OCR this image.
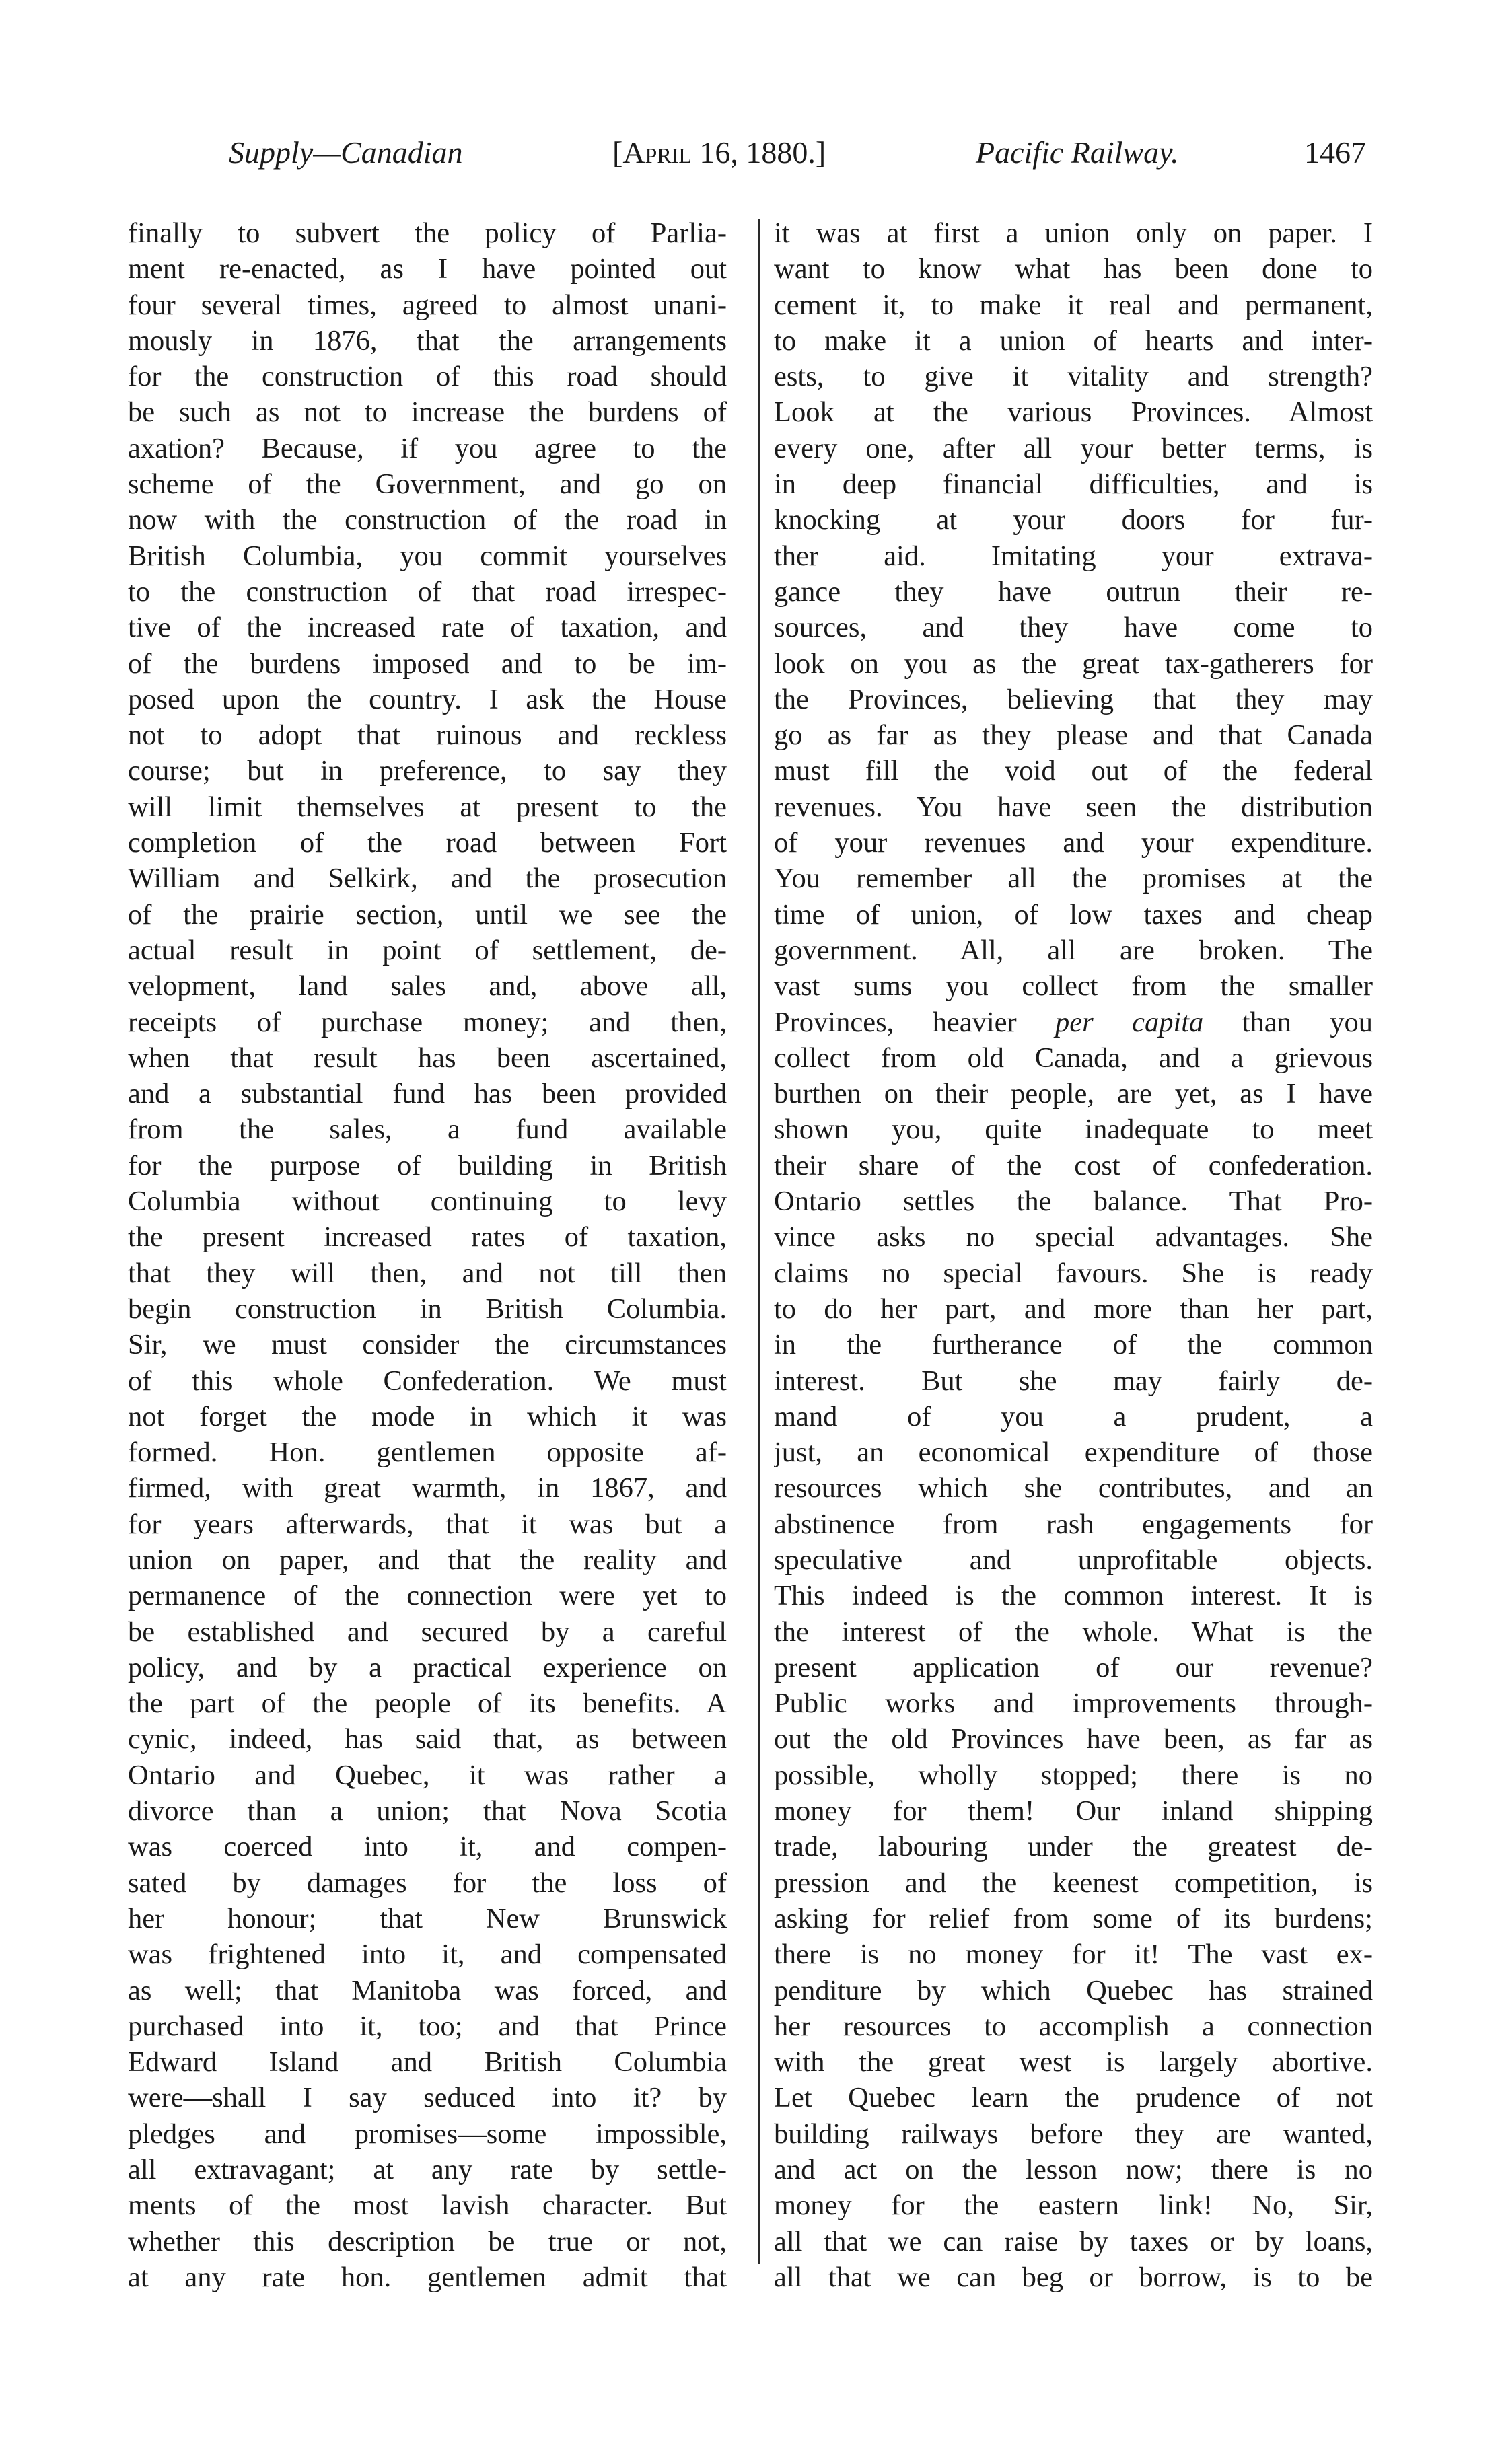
Supply—Canadian	[April 16, 1880.]	Pacific Railway.	1467
finally to subvert the policy of Parlia-
ment re-enacted, as I have pointed out
four several times, agreed to almost unani-
mously in 1876, that the arrangements
for the construction of this road should
be such as not to increase the burdens of
axation? Because, if you agree to the
scheme of the Government, and go on
now with the construction of the road in
British Columbia, you commit yourselves
to the construction of that road irrespec-
tive of the increased rate of taxation, and
of the burdens imposed and to be im-
posed upon the country. I ask the House
not to adopt that ruinous and reckless
course; but in preference, to say they
will limit themselves at present to the
completion of the road between Fort
William and Selkirk, and the prosecution
of the prairie section, until we see the
actual result in point of settlement, de-
velopment, land sales and, above all,
receipts of purchase money; and then,
when that result has been ascertained,
and a substantial fund has been provided
from the sales, a fund available
for the purpose of building in British
Columbia without continuing to levy
the present increased rates of taxation,
that they will then, and not till then
begin construction in British Columbia.
Sir, we must consider the circumstances
of this whole Confederation. We must
not forget the mode in which it was
formed. Hon. gentlemen opposite af-
firmed, with great warmth, in 1867, and
for years afterwards, that it was but a
union on paper, and that the reality and
permanence of the connection were yet to
be established and secured by a careful
policy, and by a practical experience on
the part of the people of its benefits. A
cynic, indeed, has said that, as between
Ontario and Quebec, it was rather a
divorce than a union; that Nova Scotia
was coerced into it, and compen-
sated by damages for the loss of
her honour; that New Brunswick
was frightened into it, and compensated
as well; that Manitoba was forced, and
purchased into it, too; and that Prince
Edward Island and British Columbia
were—shall I say seduced into it? by
pledges and promises—some impossible,
all extravagant; at any rate by settle-
ments of the most lavish character. But
whether this description be true or not,
at any rate hon. gentlemen admit that
it was at first a union only on paper. I
want to know what has been done to
cement it, to make it real and permanent,
to make it a union of hearts and inter-
ests, to give it vitality and strength?
Look at the various Provinces. Almost
every one, after all your better terms, is
in deep financial difficulties, and is
knocking at your doors for fur-
ther aid. Imitating your extrava-
gance they have outrun their re-
sources, and they have come to
look on you as the great tax-gatherers for
the Provinces, believing that they may
go as far as they please and that Canada
must fill the void out of the federal
revenues. You have seen the distribution
of your revenues and your expenditure.
You remember all the promises at the
time of union, of low taxes and cheap
government. All, all are broken. The
vast sums you collect from the smaller
Provinces, heavier per capita than you
collect from old Canada, and a grievous
burthen on their people, are yet, as I have
shown you, quite inadequate to meet
their share of the cost of confederation.
Ontario settles the balance. That Pro-
vince asks no special advantages. She
claims no special favours. She is ready
to do her part, and more than her part,
in the furtherance of the common
interest. But she may fairly de-
mand of you a prudent, a
just, an economical expenditure of those
resources which she contributes, and an
abstinence from rash engagements for
speculative and unprofitable objects.
This indeed is the common interest. It is
the interest of the whole. What is the
present application of our revenue?
Public works and improvements through-
out the old Provinces have been, as far as
possible, wholly stopped; there is no
money for them! Our inland shipping
trade, labouring under the greatest de-
pression and the keenest competition, is
asking for relief from some of its burdens;
there is no money for it! The vast ex-
penditure by which Quebec has strained
her resources to accomplish a connection
with the great west is largely abortive.
Let Quebec learn the prudence of not
building railways before they are wanted,
and act on the lesson now; there is no
money for the eastern link! No, Sir,
all that we can raise by taxes or by loans,
all that we can beg or borrow, is to be
